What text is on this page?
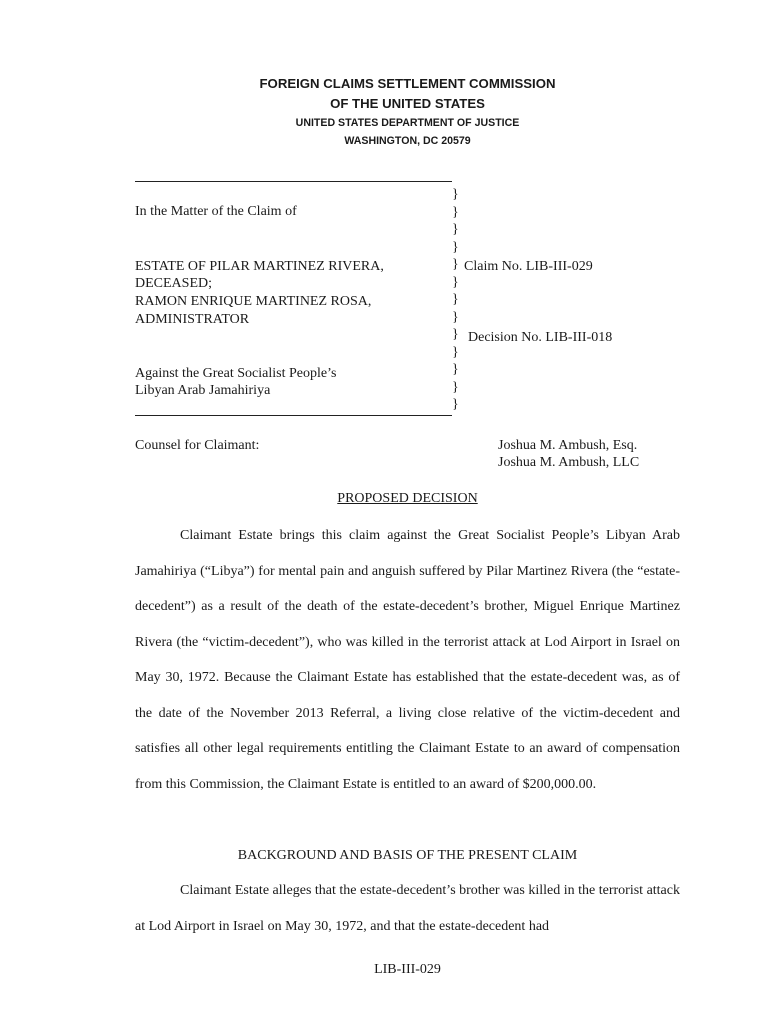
FOREIGN CLAIMS SETTLEMENT COMMISSION
OF THE UNITED STATES
UNITED STATES DEPARTMENT OF JUSTICE
WASHINGTON, DC 20579
}
}
}
}
}
}
}
}
}
}
}
}
}
In the Matter of the Claim of
ESTATE OF PILAR MARTINEZ RIVERA,
DECEASED;
RAMON ENRIQUE MARTINEZ ROSA,
ADMINISTRATOR
Claim No. LIB-III-029
Decision No. LIB-III-018
Against the Great Socialist People’s
Libyan Arab Jamahiriya
Counsel for Claimant:	Joshua M. Ambush, Esq.
Joshua M. Ambush, LLC
PROPOSED DECISION
Claimant Estate brings this claim against the Great Socialist People’s Libyan Arab Jamahiriya (“Libya”) for mental pain and anguish suffered by Pilar Martinez Rivera (the “estate-decedent”) as a result of the death of the estate-decedent’s brother, Miguel Enrique Martinez Rivera (the “victim-decedent”), who was killed in the terrorist attack at Lod Airport in Israel on May 30, 1972. Because the Claimant Estate has established that the estate-decedent was, as of the date of the November 2013 Referral, a living close relative of the victim-decedent and satisfies all other legal requirements entitling the Claimant Estate to an award of compensation from this Commission, the Claimant Estate is entitled to an award of $200,000.00.
BACKGROUND AND BASIS OF THE PRESENT CLAIM
Claimant Estate alleges that the estate-decedent’s brother was killed in the terrorist attack at Lod Airport in Israel on May 30, 1972, and that the estate-decedent had
LIB-III-029
